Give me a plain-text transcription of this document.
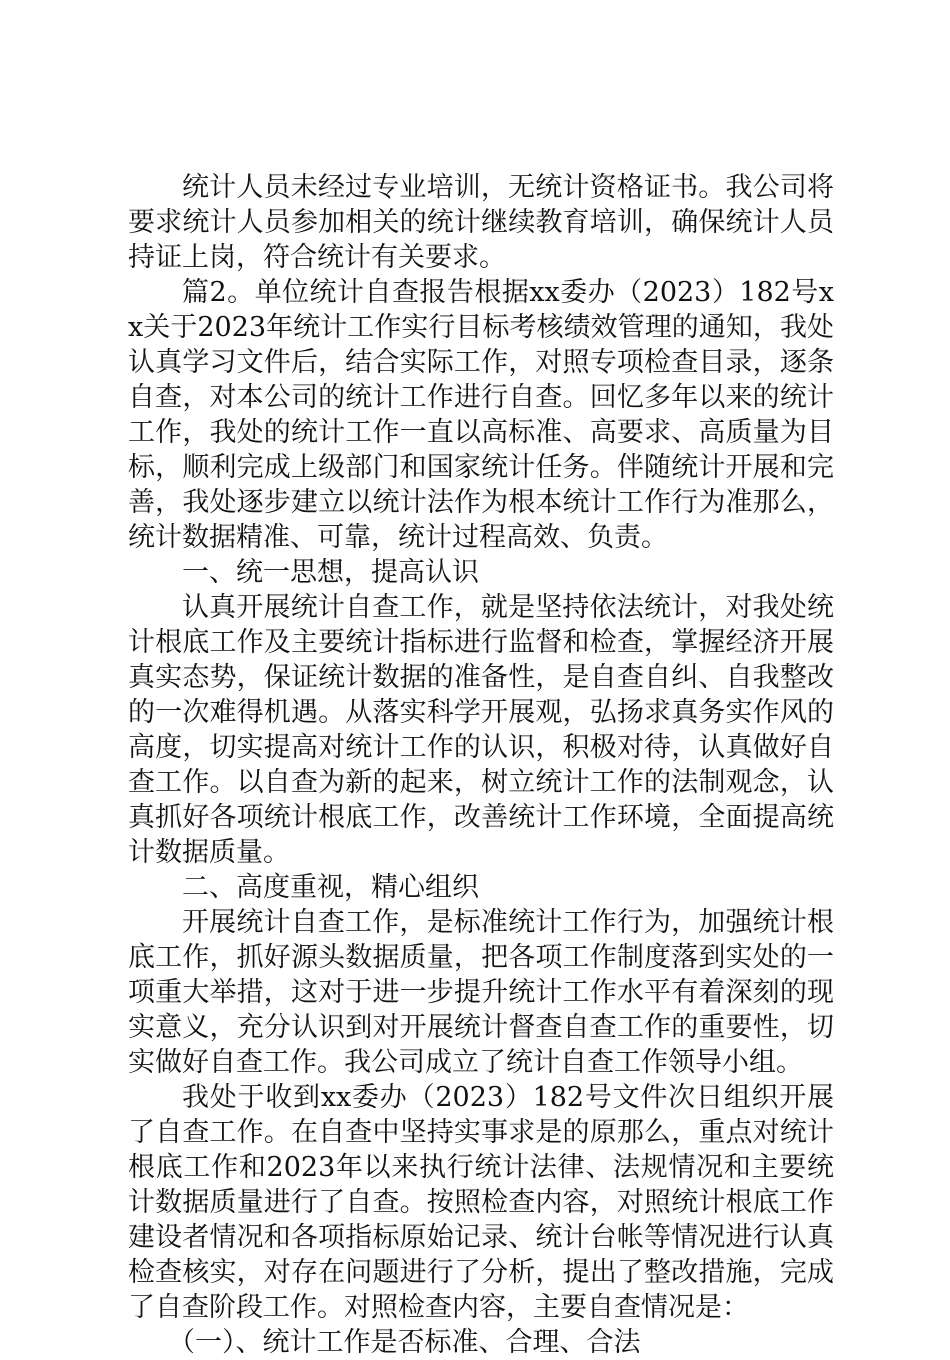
统计人员未经过专业培训，无统计资格证书。我公司将要求统计人员参加相关的统计继续教育培训，确保统计人员持证上岗，符合统计有关要求。

篇2。单位统计自查报告根据xx委办（2023）182号xx关于2023年统计工作实行目标考核绩效管理的通知，我处认真学习文件后，结合实际工作，对照专项检查目录，逐条自查，对本公司的统计工作进行自查。回忆多年以来的统计工作，我处的统计工作一直以高标准、高要求、高质量为目标，顺利完成上级部门和国家统计任务。伴随统计开展和完善，我处逐步建立以统计法作为根本统计工作行为准那么，统计数据精准、可靠，统计过程高效、负责。

一、统一思想，提高认识

认真开展统计自查工作，就是坚持依法统计，对我处统计根底工作及主要统计指标进行监督和检查，掌握经济开展真实态势，保证统计数据的准备性，是自查自纠、自我整改的一次难得机遇。从落实科学开展观，弘扬求真务实作风的高度，切实提高对统计工作的认识，积极对待，认真做好自查工作。以自查为新的起来，树立统计工作的法制观念，认真抓好各项统计根底工作，改善统计工作环境，全面提高统计数据质量。

二、高度重视，精心组织

开展统计自查工作，是标准统计工作行为，加强统计根底工作，抓好源头数据质量，把各项工作制度落到实处的一项重大举措，这对于进一步提升统计工作水平有着深刻的现实意义，充分认识到对开展统计督查自查工作的重要性，切实做好自查工作。我公司成立了统计自查工作领导小组。

我处于收到xx委办（2023）182号文件次日组织开展了自查工作。在自查中坚持实事求是的原那么，重点对统计根底工作和2023年以来执行统计法律、法规情况和主要统计数据质量进行了自查。按照检查内容，对照统计根底工作建设者情况和各项指标原始记录、统计台帐等情况进行认真检查核实，对存在问题进行了分析，提出了整改措施，完成了自查阶段工作。对照检查内容，主要自查情况是：

（一）、统计工作是否标准、合理、合法
